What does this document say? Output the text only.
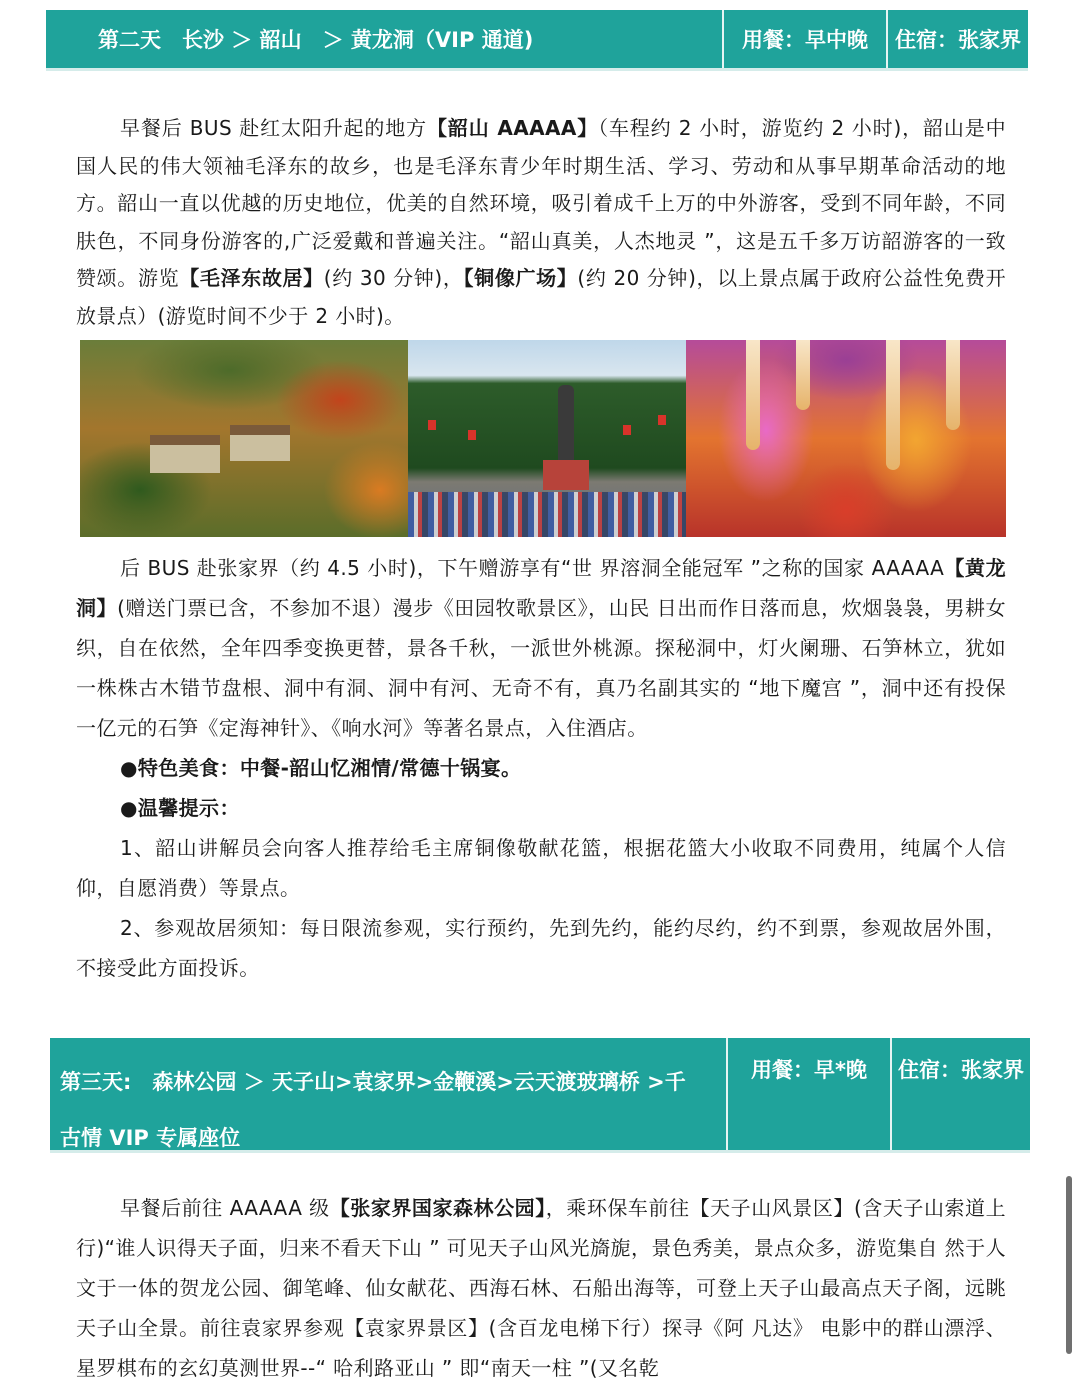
第二天　长沙 ＞ 韶山　＞ 黄龙洞（VIP 通道)	用餐：早中晚	住宿：张家界

早餐后 BUS 赴红太阳升起的地方【韶山 AAAAA】（车程约 2 小时，游览约 2 小时)，韶山是中国人民的伟大领袖毛泽东的故乡，也是毛泽东青少年时期生活、学习、劳动和从事早期革命活动的地方。韶山一直以优越的历史地位，优美的自然环境，吸引着成千上万的中外游客，受到不同年龄，不同肤色，不同身份游客的,广泛爱戴和普遍关注。“韶山真美，人杰地灵 ”，这是五千多万访韶游客的一致赞颂。游览【毛泽东故居】(约 30 分钟)，【铜像广场】(约 20 分钟)，以上景点属于政府公益性免费开放景点）(游览时间不少于 2 小时)。

后 BUS 赴张家界（约 4.5 小时)，下午赠游享有“世 界溶洞全能冠军 ”之称的国家 AAAAA【黄龙洞】(赠送门票已含，不参加不退）漫步《田园牧歌景区》，山民 日出而作日落而息，炊烟袅袅，男耕女织，自在依然，全年四季变换更替，景各千秋，一派世外桃源。探秘洞中，灯火阑珊、石笋林立，犹如一株株古木错节盘根、洞中有洞、洞中有河、无奇不有，真乃名副其实的 “地下魔宫 ”，洞中还有投保一亿元的石笋《定海神针》、《响水河》等著名景点，入住酒店。

●特色美食：中餐-韶山忆湘情/常德十锅宴。

●温馨提示：

1、韶山讲解员会向客人推荐给毛主席铜像敬献花篮，根据花篮大小收取不同费用，纯属个人信仰，自愿消费）等景点。

2、参观故居须知：每日限流参观，实行预约，先到先约，能约尽约，约不到票，参观故居外围，不接受此方面投诉。

第三天:　森林公园 ＞ 天子山>袁家界>金鞭溪>云天渡玻璃桥 >千
古情 VIP 专属座位
用餐：早*晚	住宿：张家界

早餐后前往 AAAAA 级【张家界国家森林公园】，乘环保车前往【天子山风景区】(含天子山索道上行)“谁人识得天子面，归来不看天下山 ” 可见天子山风光旖旎，景色秀美，景点众多，游览集自 然于人文于一体的贺龙公园、御笔峰、仙女献花、西海石林、石船出海等，可登上天子山最高点天子阁，远眺天子山全景。前往袁家界参观【袁家界景区】(含百龙电梯下行）探寻《阿 凡达》 电影中的群山漂浮、星罗棋布的玄幻莫测世界--“ 哈利路亚山 ” 即“南天一柱 ”(又名乾
